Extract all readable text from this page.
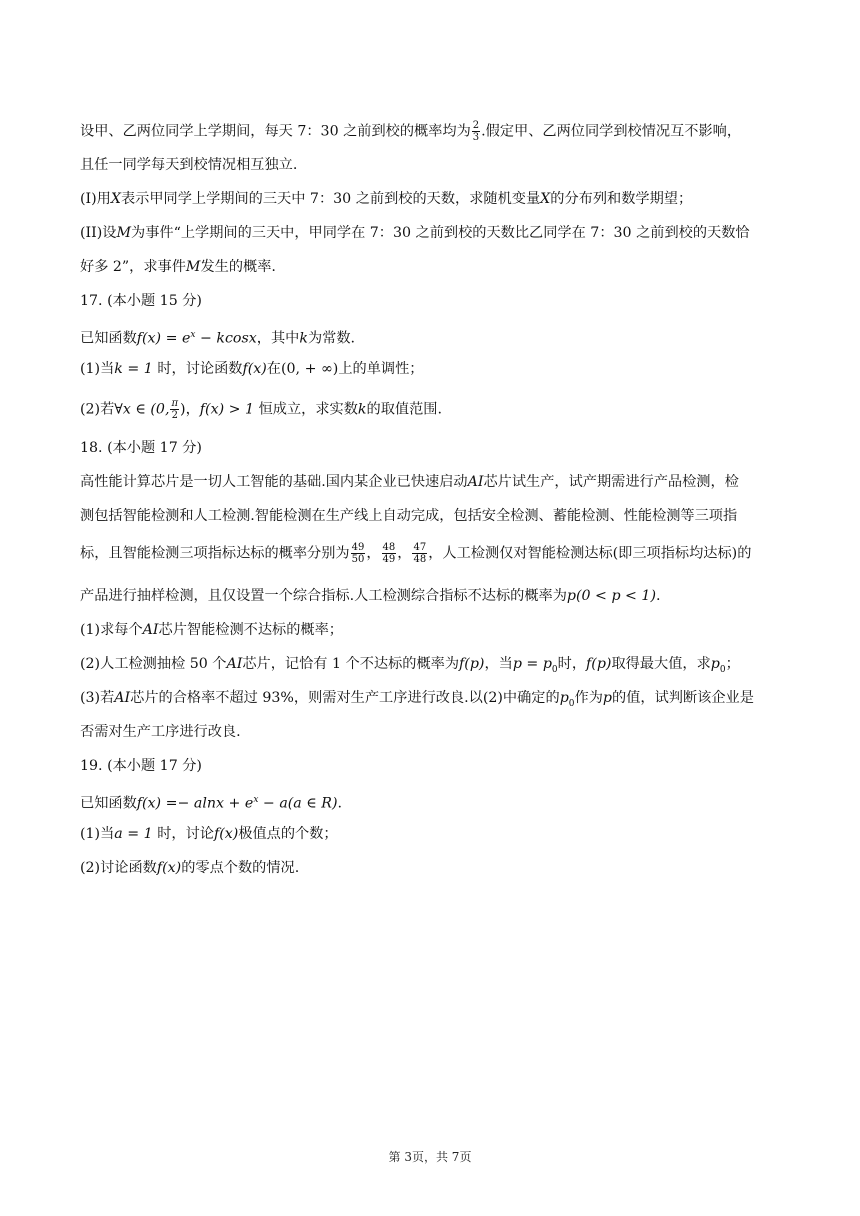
设甲、乙两位同学上学期间，每天 7：30 之前到校的概率均为 $\frac{2}{3}$ .假定甲、乙两位同学到校情况互不影响，
且任一同学每天到校情况相互独立.
(I)用X表示甲同学上学期间的三天中 7：30 之前到校的天数，求随机变量X的分布列和数学期望；
(II)设M为事件“上学期间的三天中，甲同学在 7：30 之前到校的天数比乙同学在 7：30 之前到校的天数恰
好多 2”，求事件M发生的概率.
17. (本小题 15 分)
已知函数$f(x) = e^x - kcosx$，其中k为常数.
(1)当k = 1 时，讨论函数f(x)在(0, + ∞)上的单调性；
(2)若∀x ∈ (0, $\frac{\pi}{2}$ )，f(x) > 1 恒成立，求实数k的取值范围.
18. (本小题 17 分)
高性能计算芯片是一切人工智能的基础.国内某企业已快速启动AI芯片试生产，试产期需进行产品检测，检
测包括智能检测和人工检测.智能检测在生产线上自动完成，包括安全检测、蓄能检测、性能检测等三项指
标，且智能检测三项指标达标的概率分别为 $\frac{49}{50}$ ， $\frac{48}{49}$ ， $\frac{47}{48}$ ，人工检测仅对智能检测达标(即三项指标均达标)的
产品进行抽样检测，且仅设置一个综合指标.人工检测综合指标不达标的概率为p(0 < p < 1).
(1)求每个AI芯片智能检测不达标的概率；
(2)人工检测抽检 50 个AI芯片，记恰有 1 个不达标的概率为f(p)，当$p = p_0$时，f(p)取得最大值，求$p_0$；
(3)若AI芯片的合格率不超过 93%，则需对生产工序进行改良.以(2)中确定的$p_0$作为p的值，试判断该企业是
否需对生产工序进行改良.
19. (本小题 17 分)
已知函数$f(x) =- alnx + e^x - a(a$ ∈ R).
(1)当a = 1 时，讨论f(x)极值点的个数；
(2)讨论函数f(x)的零点个数的情况.
第 3页，共 7页
